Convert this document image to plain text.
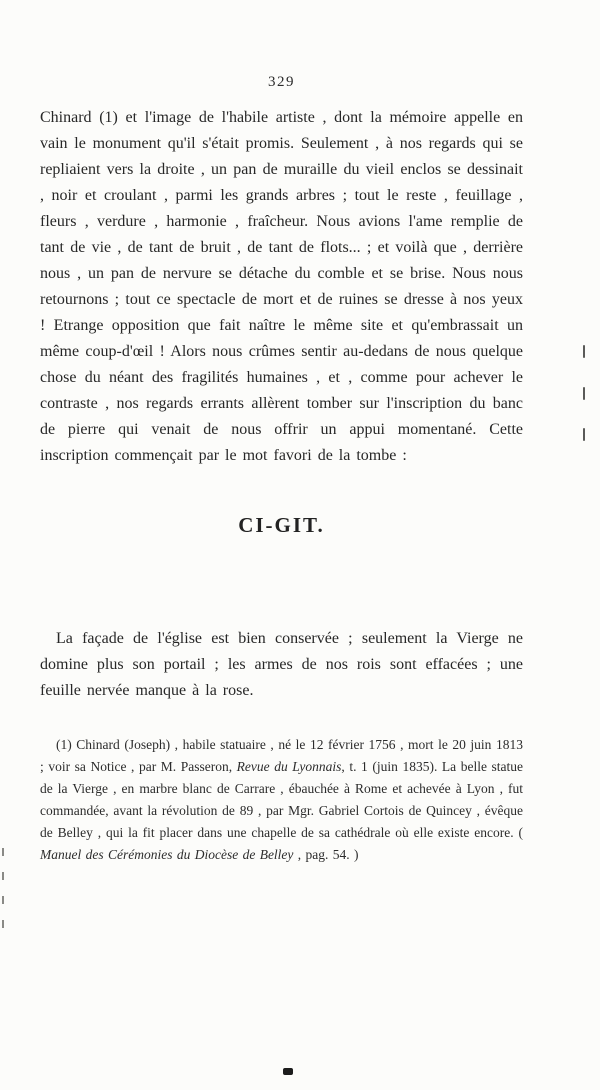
329

Chinard (1) et l'image de l'habile artiste , dont la mémoire appelle en vain le monument qu'il s'était promis. Seulement , à nos regards qui se repliaient vers la droite , un pan de muraille du vieil enclos se dessinait , noir et croulant , parmi les grands arbres ; tout le reste , feuillage , fleurs , verdure , harmonie , fraîcheur. Nous avions l'ame remplie de tant de vie , de tant de bruit , de tant de flots... ; et voilà que , derrière nous , un pan de nervure se détache du comble et se brise. Nous nous retournons ; tout ce spectacle de mort et de ruines se dresse à nos yeux ! Etrange opposition que fait naître le même site et qu'embrassait un même coup-d'œil ! Alors nous crûmes sentir au-dedans de nous quelque chose du néant des fragilités humaines , et , comme pour achever le contraste , nos regards errants allèrent tomber sur l'inscription du banc de pierre qui venait de nous offrir un appui momentané. Cette inscription commençait par le mot favori de la tombe :

CI-GIT.

La façade de l'église est bien conservée ; seulement la Vierge ne domine plus son portail ; les armes de nos rois sont effacées ; une feuille nervée manque à la rose.

(1) Chinard (Joseph) , habile statuaire , né le 12 février 1756 , mort le 20 juin 1813 ; voir sa Notice , par M. Passeron, Revue du Lyonnais, t. 1 (juin 1835). La belle statue de la Vierge , en marbre blanc de Carrare , ébauchée à Rome et achevée à Lyon , fut commandée, avant la révolution de 89 , par Mgr. Gabriel Cortois de Quincey , évêque de Belley , qui la fit placer dans une chapelle de sa cathédrale où elle existe encore. ( Manuel des Cérémonies du Diocèse de Belley , pag. 54. )
